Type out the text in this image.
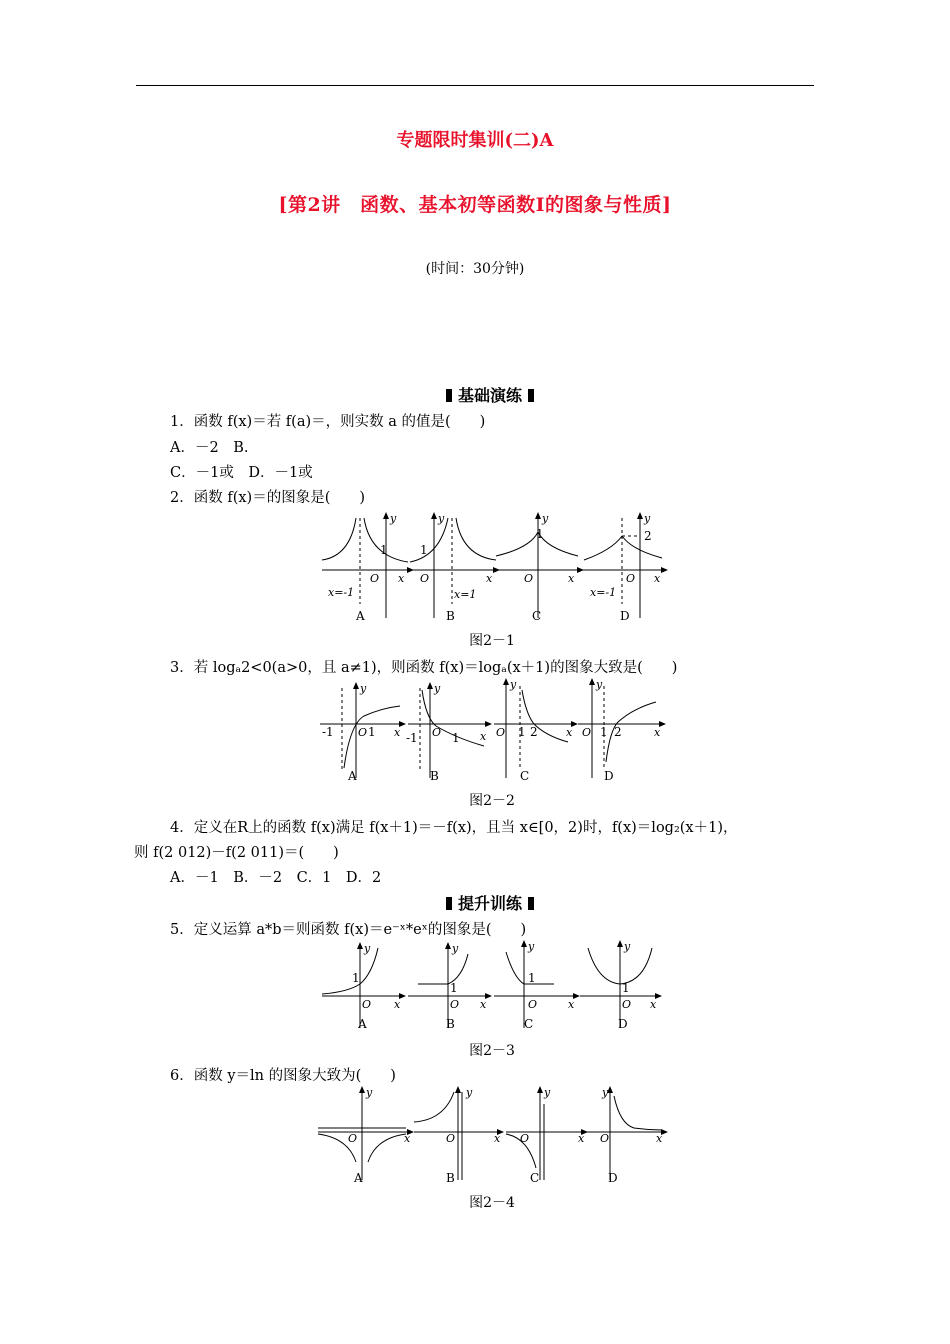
专题限时集训(二)A
[第2讲　函数、基本初等函数Ⅰ的图象与性质]
(时间：30分钟)
基础演练
1．函数 f(x)＝若 f(a)＝，则实数 a 的值是(　　)
A．－2　B.
C．－1或　D．－1或
2．函数 f(x)＝的图象是(　　)
y
x
O
x=-1
y
x
O
x=1
y
x
O
y
x
O
x=-1
1	1
1	2
A	B	C	D
图2－1
3．若 logₐ2<0(a>0，且 a≠1)，则函数 f(x)＝logₐ(x＋1)的图象大致是(　　)
y
x
O
y
x
O
y
x
O
y
x
O
-1	1	-1	1	1 2	1 2
A	B	C	D
图2－2
4．定义在R上的函数 f(x)满足 f(x＋1)＝－f(x)，且当 x∈[0，2)时，f(x)＝log₂(x＋1)，
则 f(2 012)－f(2 011)＝(　　)
A．－1　B．－2　C．1　D．2
提升训练
5．定义运算 a*b＝则函数 f(x)＝e⁻ˣ*eˣ的图象是(　　)
y
x
O
y
x
O
y
x
O
y
x
O
1
1
1
1
A	B	C	D
图2－3
6．函数 y＝ln 的图象大致为(　　)
y
x
O
y
x
O
y
x
O
y
x
O
A	B	C	D
图2－4
